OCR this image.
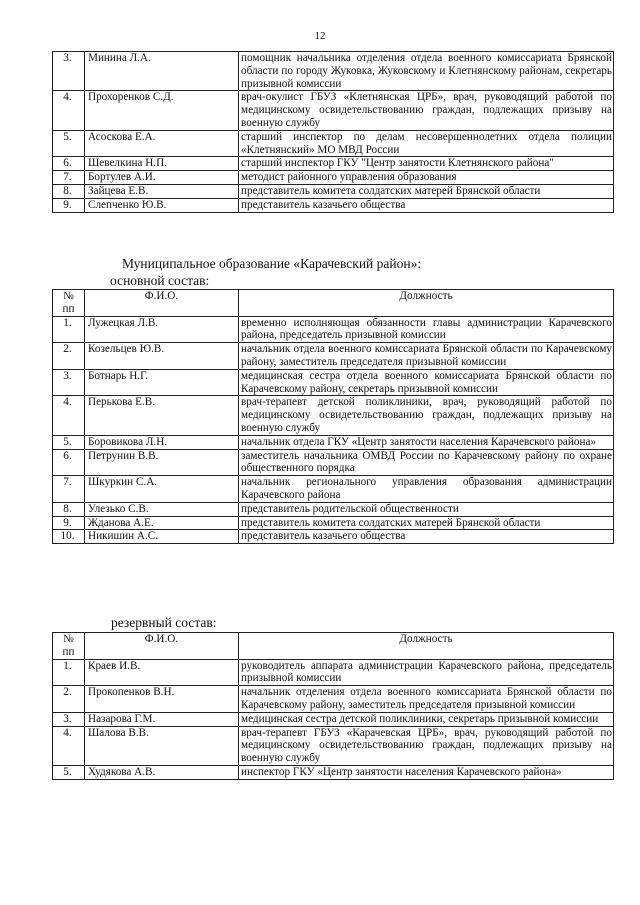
12
3.	Минина Л.А.	помощник начальника отделения отдела военного комиссариата Брянской области по городу Жуковка, Жуковскому и Клетнянскому районам, секретарь призывной комиссии
4.	Прохоренков С.Д.	врач-окулист ГБУЗ «Клетнянская ЦРБ», врач, руководящий работой по медицинскому освидетельствованию граждан, подлежащих призыву на военную службу
5.	Асоскова Е.А.	старший инспектор по делам несовершеннолетних отдела полиции «Клетнянский» МО МВД России
6.	Шевелкина Н.П.	старший инспектор ГКУ "Центр занятости Клетнянского района"
7.	Бортулев А.И.	методист районного управления образования
8.	Зайцева Е.В.	представитель комитета солдатских матерей Брянской области
9.	Слепченко Ю.В.	представитель казачьего общества
Муниципальное образование «Карачевский район»:
основной состав:
№ пп	Ф.И.О.	Должность
1.	Лужецкая Л.В.	временно исполняющая обязанности главы администрации Карачевского района, председатель призывной комиссии
2.	Козельцев Ю.В.	начальник отдела военного комиссариата Брянской области по Карачевскому району, заместитель председателя призывной комиссии
3.	Ботнарь Н.Г.	медицинская сестра отдела военного комиссариата Брянской области по Карачевскому району, секретарь призывной комиссии
4.	Перькова Е.В.	врач-терапевт детской поликлиники, врач, руководящий работой по медицинскому освидетельствованию граждан, подлежащих призыву на военную службу
5.	Боровикова Л.Н.	начальник отдела ГКУ «Центр занятости населения Карачевского района»
6.	Петрунин В.В.	заместитель начальника ОМВД России по Карачевскому району по охране общественного порядка
7.	Шкуркин С.А.	начальник регионального управления образования администрации Карачевского района
8.	Улезько С.В.	представитель родительской общественности
9.	Жданова А.Е.	представитель комитета солдатских матерей Брянской области
10.	Никишин А.С.	представитель казачьего общества
резервный состав:
№ пп	Ф.И.О.	Должность
1.	Краев И.В.	руководитель аппарата администрации Карачевского района, председатель призывной комиссии
2.	Прокопенков В.Н.	начальник отделения отдела военного комиссариата Брянской области по Карачевскому району, заместитель председателя призывной комиссии
3.	Назарова Г.М.	медицинская сестра детской поликлиники, секретарь призывной комиссии
4.	Шалова В.В.	врач-терапевт ГБУЗ «Карачевская ЦРБ», врач, руководящий работой по медицинскому освидетельствованию граждан, подлежащих призыву на военную службу
5.	Худякова А.В.	инспектор ГКУ «Центр занятости населения Карачевского района»
